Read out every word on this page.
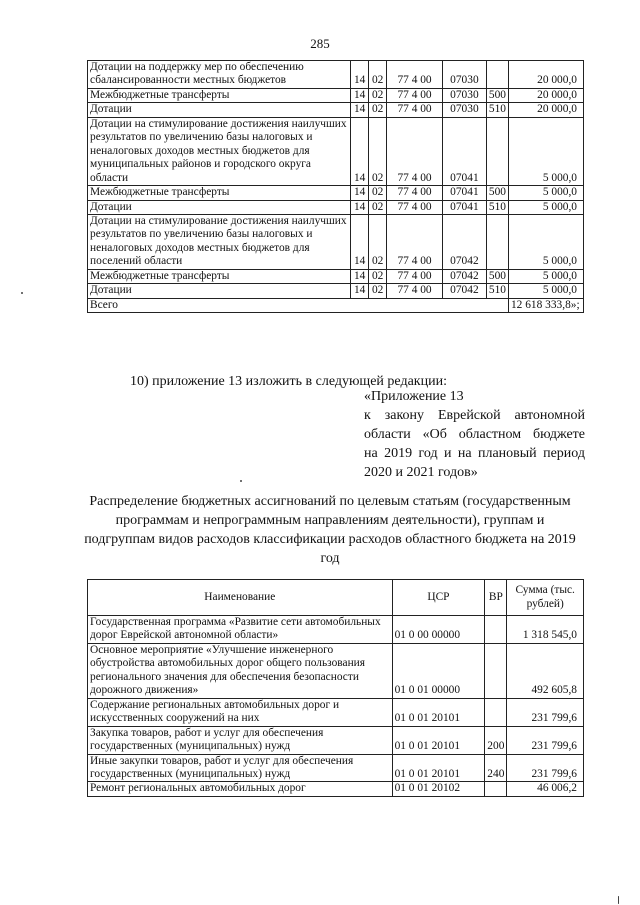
285
Дотации на поддержку мер по обеспечению сбалансированности местных бюджетов	14	02	77 4 00	07030		20 000,0
Межбюджетные трансферты	14	02	77 4 00	07030	500	20 000,0
Дотации	14	02	77 4 00	07030	510	20 000,0
Дотации на стимулирование достижения наилучших результатов по увеличению базы налоговых и неналоговых доходов местных бюджетов для муниципальных районов и городского округа области	14	02	77 4 00	07041		5 000,0
Межбюджетные трансферты	14	02	77 4 00	07041	500	5 000,0
Дотации	14	02	77 4 00	07041	510	5 000,0
Дотации на стимулирование достижения наилучших результатов по увеличению базы налоговых и неналоговых доходов местных бюджетов для поселений области	14	02	77 4 00	07042		5 000,0
Межбюджетные трансферты	14	02	77 4 00	07042	500	5 000,0
Дотации	14	02	77 4 00	07042	510	5 000,0
Всего						12 618 333,8»;
10) приложение 13 изложить в следующей редакции:
«Приложение 13
к закону Еврейской автономной
области «Об областном бюджете
на 2019 год и на плановый период
2020 и 2021 годов»
Распределение бюджетных ассигнований по целевым статьям (государственным программам и непрограммным направлениям деятельности), группам и подгруппам видов расходов классификации расходов областного бюджета на 2019 год
Наименование	ЦСР	ВР	Сумма (тыс. рублей)
Государственная программа «Развитие сети автомобильных дорог Еврейской автономной области»	01 0 00 00000		1 318 545,0
Основное мероприятие «Улучшение инженерного обустройства автомобильных дорог общего пользования регионального значения для обеспечения безопасности дорожного движения»	01 0 01 00000		492 605,8
Содержание региональных автомобильных дорог и искусственных сооружений на них	01 0 01 20101		231 799,6
Закупка товаров, работ и услуг для обеспечения государственных (муниципальных) нужд	01 0 01 20101	200	231 799,6
Иные закупки товаров, работ и услуг для обеспечения государственных (муниципальных) нужд	01 0 01 20101	240	231 799,6
Ремонт региональных автомобильных дорог	01 0 01 20102		46 006,2
